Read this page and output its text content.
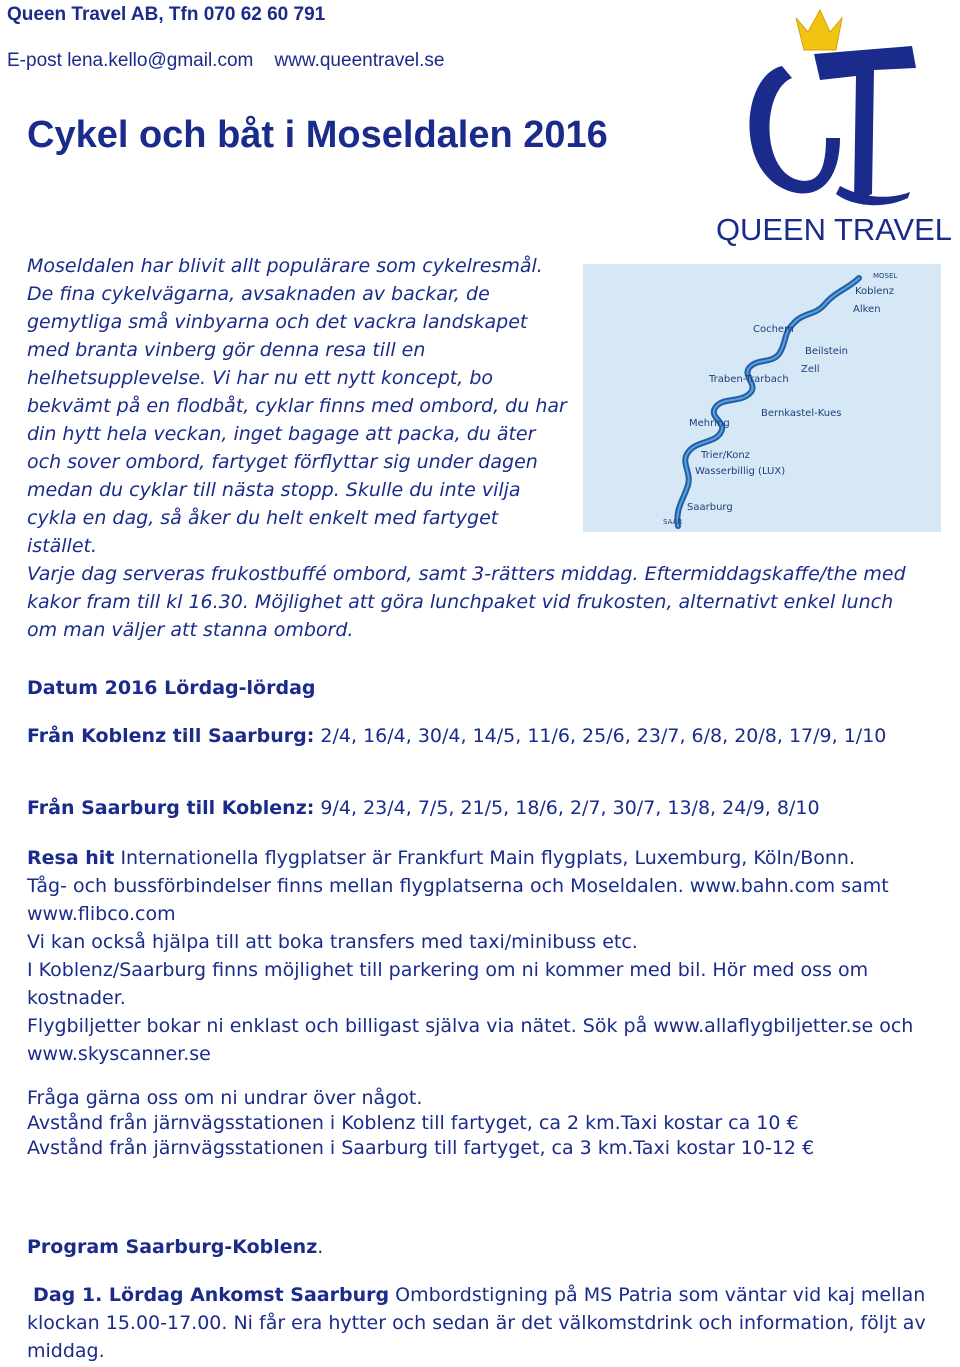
Queen Travel AB, Tfn 070 62 60 791
E-post lena.kello@gmail.com www.queentravel.se
Cykel och båt i Moseldalen 2016
QUEEN TRAVEL
MOSEL
Koblenz
Alken
Cochem
Beilstein
Zell
Traben-Trarbach
Bernkastel-Kues
Mehring
Trier/Konz
Wasserbillig (LUX)
Saarburg
SAAR

Moseldalen har blivit allt populärare som cykelresmål. De fina cykelvägarna, avsaknaden av backar, de gemytliga små vinbyarna och det vackra landskapet med branta vinberg gör denna resa till en helhetsupplevelse. Vi har nu ett nytt koncept, bo bekvämt på en flodbåt, cyklar finns med ombord, du har din hytt hela veckan, inget bagage att packa, du äter och sover ombord, fartyget förflyttar sig under dagen medan du cyklar till nästa stopp. Skulle du inte vilja cykla en dag, så åker du helt enkelt med fartyget istället.

Varje dag serveras frukostbuffé ombord, samt 3-rätters middag. Eftermiddagskaffe/the med kakor fram till kl 16.30. Möjlighet att göra lunchpaket vid frukosten, alternativt enkel lunch om man väljer att stanna ombord.

Datum 2016 Lördag-lördag
Från Koblenz till Saarburg: 2/4, 16/4, 30/4, 14/5, 11/6, 25/6, 23/7, 6/8, 20/8, 17/9, 1/10
Från Saarburg till Koblenz: 9/4, 23/4, 7/5, 21/5, 18/6, 2/7, 30/7, 13/8, 24/9, 8/10

Resa hit Internationella flygplatser är Frankfurt Main flygplats, Luxemburg, Köln/Bonn.

Tåg- och bussförbindelser finns mellan flygplatserna och Moseldalen. www.bahn.com samt www.flibco.com

Vi kan också hjälpa till att boka transfers med taxi/minibuss etc.

I Koblenz/Saarburg finns möjlighet till parkering om ni kommer med bil. Hör med oss om kostnader.

Flygbiljetter bokar ni enklast och billigast själva via nätet. Sök på www.allaflygbiljetter.se och www.skyscanner.se

Fråga gärna oss om ni undrar över något.

Avstånd från järnvägsstationen i Koblenz till fartyget, ca 2 km.Taxi kostar ca 10 €

Avstånd från järnvägsstationen i Saarburg till fartyget, ca 3 km.Taxi kostar 10-12 €

Program Saarburg-Koblenz.

Dag 1. Lördag Ankomst Saarburg Ombordstigning på MS Patria som väntar vid kaj mellan klockan 15.00-17.00. Ni får era hytter och sedan är det välkomstdrink och information, följt av middag.
